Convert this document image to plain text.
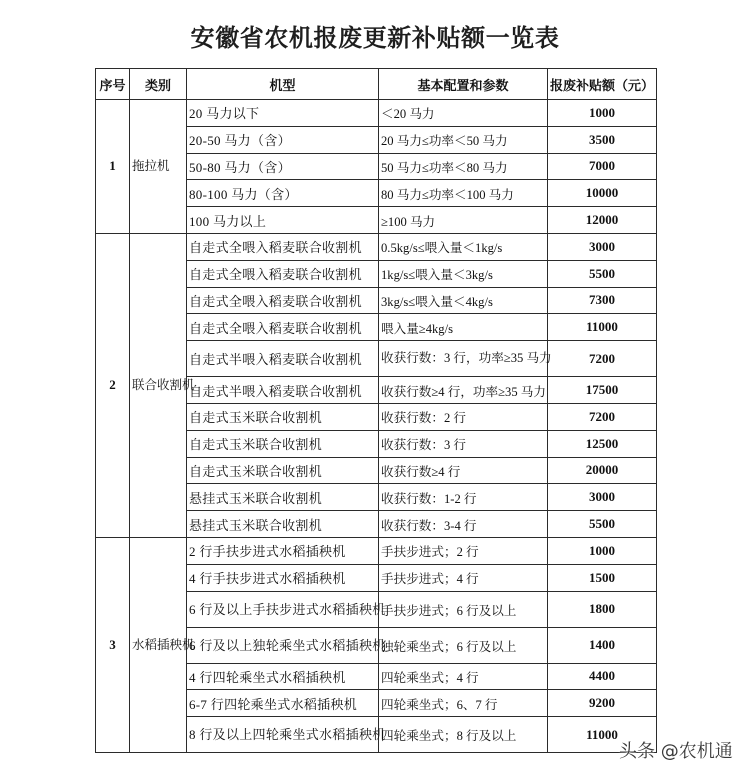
安徽省农机报废更新补贴额一览表
序号	类别	机型	基本配置和参数	报废补贴额（元）
1	拖拉机	20 马力以下	＜20 马力	1000
		20-50 马力（含）	20 马力≤功率＜50 马力	3500
		50-80 马力（含）	50 马力≤功率＜80 马力	7000
		80-100 马力（含）	80 马力≤功率＜100 马力	10000
		100 马力以上	≥100 马力	12000
2	联合收割机	自走式全喂入稻麦联合收割机	0.5kg/s≤喂入量＜1kg/s	3000
		自走式全喂入稻麦联合收割机	1kg/s≤喂入量＜3kg/s	5500
		自走式全喂入稻麦联合收割机	3kg/s≤喂入量＜4kg/s	7300
		自走式全喂入稻麦联合收割机	喂入量≥4kg/s	11000
		自走式半喂入稻麦联合收割机	收获行数：3 行，功率≥35 马力	7200
		自走式半喂入稻麦联合收割机	收获行数≥4 行，功率≥35 马力	17500
		自走式玉米联合收割机	收获行数：2 行	7200
		自走式玉米联合收割机	收获行数：3 行	12500
		自走式玉米联合收割机	收获行数≥4 行	20000
		悬挂式玉米联合收割机	收获行数：1-2 行	3000
		悬挂式玉米联合收割机	收获行数：3-4 行	5500
3	水稻插秧机	2 行手扶步进式水稻插秧机	手扶步进式；2 行	1000
		4 行手扶步进式水稻插秧机	手扶步进式；4 行	1500
		6 行及以上手扶步进式水稻插秧机	手扶步进式；6 行及以上	1800
		6 行及以上独轮乘坐式水稻插秧机	独轮乘坐式；6 行及以上	1400
		4 行四轮乘坐式水稻插秧机	四轮乘坐式；4 行	4400
		6-7 行四轮乘坐式水稻插秧机	四轮乘坐式；6、7 行	9200
		8 行及以上四轮乘坐式水稻插秧机	四轮乘坐式；8 行及以上	11000
头条 @农机通
